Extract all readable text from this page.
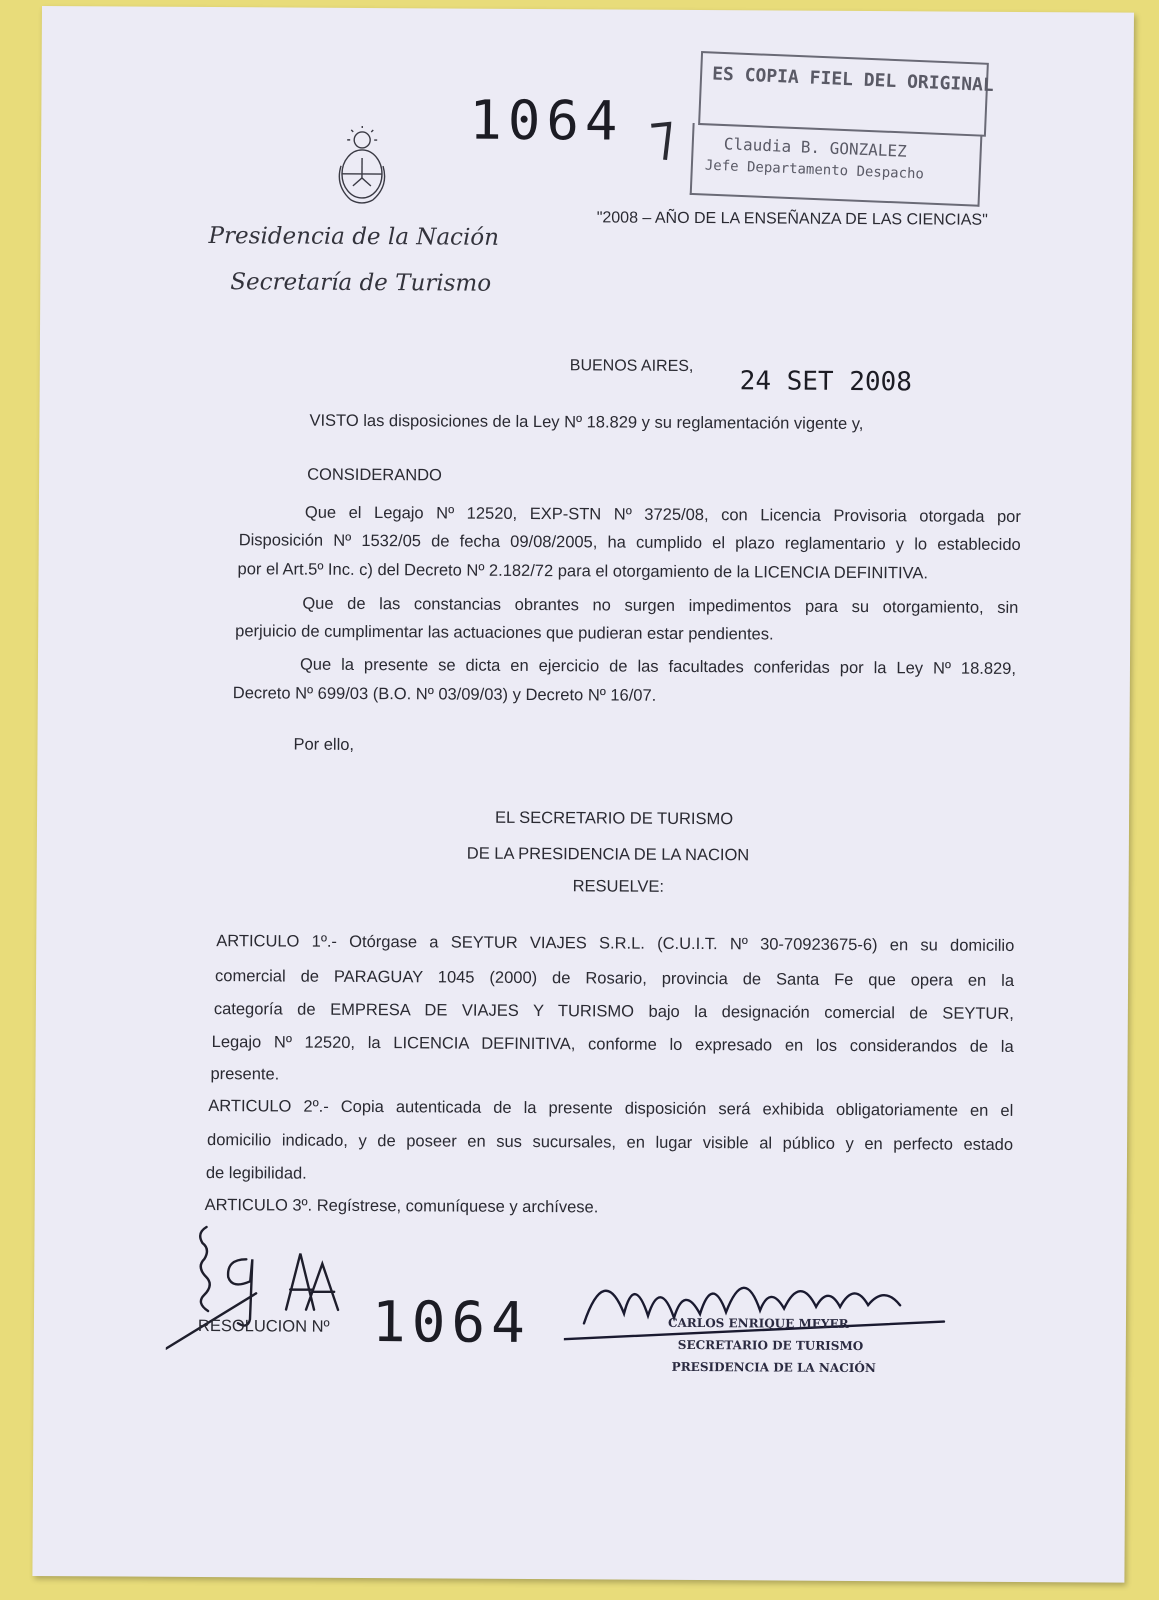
Presidencia de la Nación
Secretaría de Turismo
1064
ES COPIA FIEL DEL ORIGINAL
Claudia B. GONZALEZ
Jefe Departamento Despacho
"2008 – AÑO DE LA ENSEÑANZA DE LAS CIENCIAS"
BUENOS AIRES,
24 SET 2008
VISTO las disposiciones de la Ley Nº 18.829 y su reglamentación vigente y,
CONSIDERANDO
Que el Legajo Nº 12520, EXP-STN Nº 3725/08, con Licencia Provisoria otorgada por
Disposición Nº 1532/05 de fecha 09/08/2005, ha cumplido el plazo reglamentario y lo establecido
por el Art.5º Inc. c) del Decreto Nº 2.182/72 para el otorgamiento de la LICENCIA DEFINITIVA.
Que de las constancias obrantes no surgen impedimentos para su otorgamiento, sin
perjuicio de cumplimentar las actuaciones que pudieran estar pendientes.
Que la presente se dicta en ejercicio de las facultades conferidas por la Ley Nº 18.829,
Decreto Nº 699/03 (B.O. Nº 03/09/03) y Decreto Nº 16/07.
Por ello,
EL SECRETARIO DE TURISMO
DE LA PRESIDENCIA DE LA NACION
RESUELVE:
ARTICULO 1º.- Otórgase a SEYTUR VIAJES S.R.L. (C.U.I.T. Nº 30-70923675-6) en su domicilio
comercial de PARAGUAY 1045 (2000) de Rosario, provincia de Santa Fe que opera en la
categoría de EMPRESA DE VIAJES Y TURISMO bajo la designación comercial de SEYTUR,
Legajo Nº 12520, la LICENCIA DEFINITIVA, conforme lo expresado en los considerandos de la
presente.
ARTICULO 2º.- Copia autenticada de la presente disposición será exhibida obligatoriamente en el
domicilio indicado, y de poseer en sus sucursales, en lugar visible al público y en perfecto estado
de legibilidad.
ARTICULO 3º. Regístrese, comuníquese y archívese.
RESOLUCION Nº 1064	CARLOS ENRIQUE MEYER
SECRETARIO DE TURISMO
PRESIDENCIA DE LA NACIÓN
